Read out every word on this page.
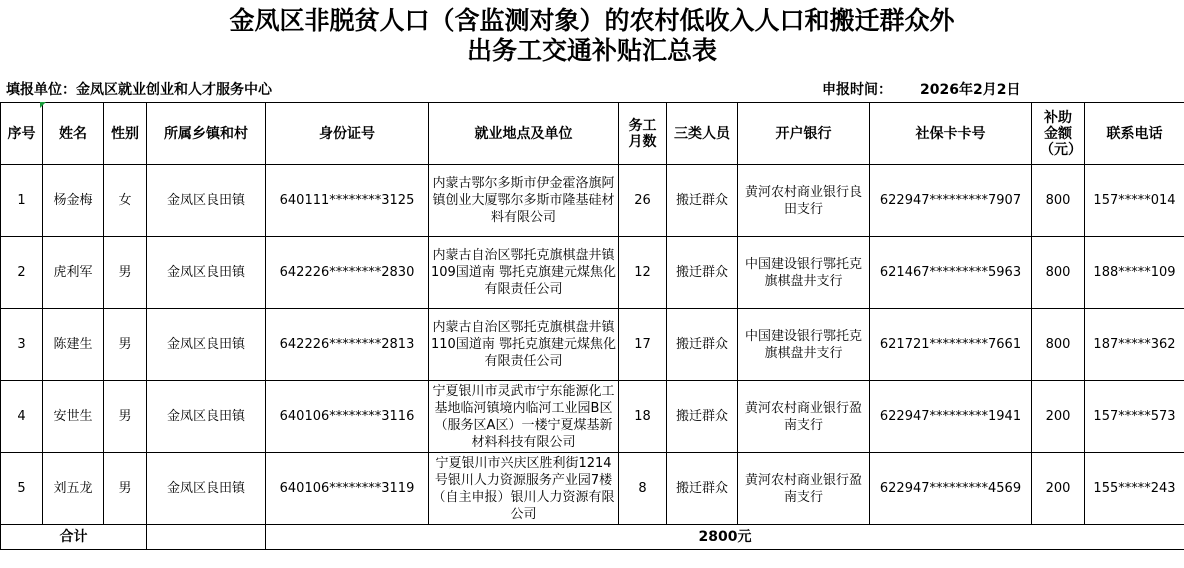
金凤区非脱贫人口（含监测对象）的农村低收入人口和搬迁群众外
出务工交通补贴汇总表
填报单位：金凤区就业创业和人才服务中心	申报时间： 2026年2月2日
序号	姓名	性别	所属乡镇和村	身份证号	就业地点及单位	务工月数	三类人员	开户银行	社保卡卡号	补助金额（元）	联系电话
1	杨金梅	女	金凤区良田镇	640111********3125	内蒙古鄂尔多斯市伊金霍洛旗阿镇创业大厦鄂尔多斯市隆基硅材料有限公司	26	搬迁群众	黄河农村商业银行良田支行	622947*********7907	800	157*****014
2	虎利军	男	金凤区良田镇	642226********2830	内蒙古自治区鄂托克旗棋盘井镇109国道南 鄂托克旗建元煤焦化有限责任公司	12	搬迁群众	中国建设银行鄂托克旗棋盘井支行	621467*********5963	800	188*****109
3	陈建生	男	金凤区良田镇	642226********2813	内蒙古自治区鄂托克旗棋盘井镇110国道南 鄂托克旗建元煤焦化有限责任公司	17	搬迁群众	中国建设银行鄂托克旗棋盘井支行	621721*********7661	800	187*****362
4	安世生	男	金凤区良田镇	640106********3116	宁夏银川市灵武市宁东能源化工基地临河镇境内临河工业园B区（服务区A区）一楼宁夏煤基新材料科技有限公司	18	搬迁群众	黄河农村商业银行盈南支行	622947*********1941	200	157*****573
5	刘五龙	男	金凤区良田镇	640106********3119	宁夏银川市兴庆区胜利街1214号银川人力资源服务产业园7楼（自主申报）银川人力资源有限公司	8	搬迁群众	黄河农村商业银行盈南支行	622947*********4569	200	155*****243
合计				2800元							
